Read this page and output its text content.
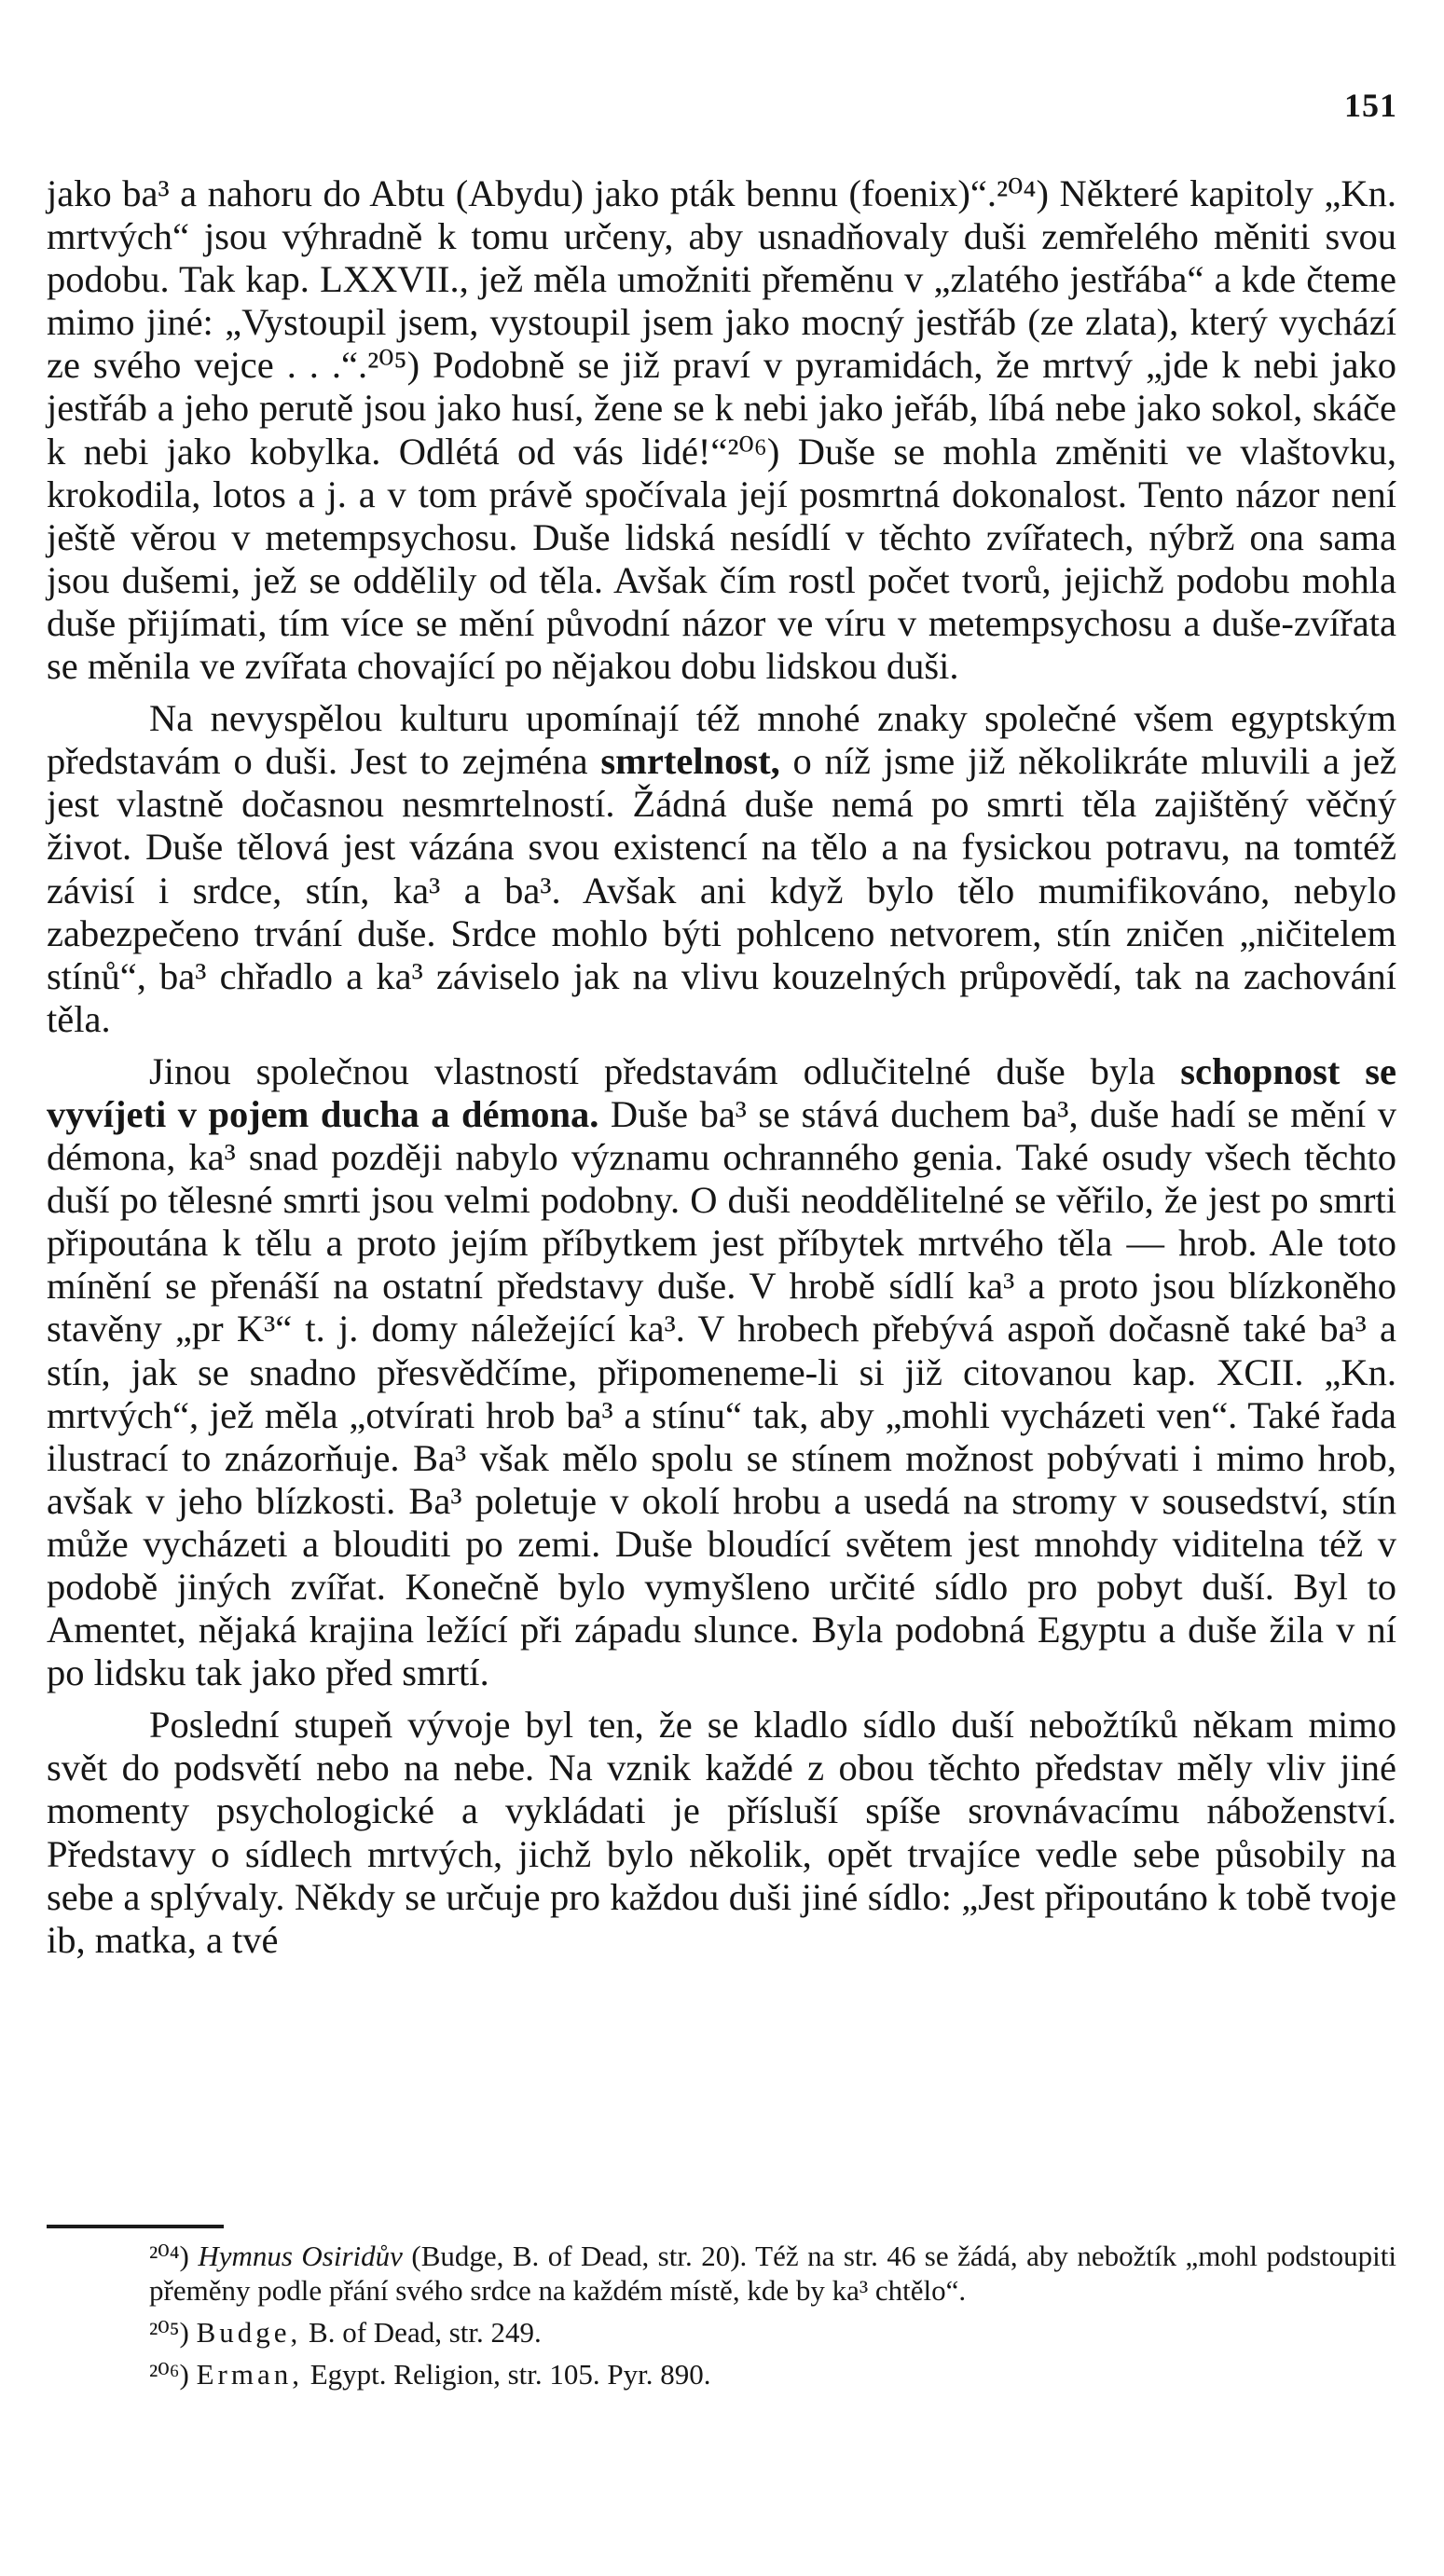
151

jako ba³ a nahoru do Abtu (Abydu) jako pták bennu (foenix)“.²⁰⁴) Některé kapitoly „Kn. mrtvých“ jsou výhradně k tomu určeny, aby usnadňovaly duši zemřelého měniti svou podobu. Tak kap. LXXVII., jež měla umožniti přeměnu v „zlatého jestřába“ a kde čteme mimo jiné: „Vystoupil jsem, vystoupil jsem jako mocný jestřáb (ze zlata), který vychází ze svého vejce . . .“.²⁰⁵) Podobně se již praví v pyramidách, že mrtvý „jde k nebi jako jestřáb a jeho perutě jsou jako husí, žene se k nebi jako jeřáb, líbá nebe jako sokol, skáče k nebi jako kobylka. Odlétá od vás lidé!“²⁰⁶) Duše se mohla změniti ve vlaštovku, krokodila, lotos a j. a v tom právě spočívala její posmrtná dokonalost. Tento názor není ještě věrou v metempsychosu. Duše lidská nesídlí v těchto zvířatech, nýbrž ona sama jsou dušemi, jež se oddělily od těla. Avšak čím rostl počet tvorů, jejichž podobu mohla duše přijímati, tím více se mění původní názor ve víru v metempsychosu a duše-zvířata se měnila ve zvířata chovající po nějakou dobu lidskou duši.

Na nevyspělou kulturu upomínají též mnohé znaky společné všem egyptským představám o duši. Jest to zejména smrtelnost, o níž jsme již několikráte mluvili a jež jest vlastně dočasnou nesmrtelností. Žádná duše nemá po smrti těla zajištěný věčný život. Duše tělová jest vázána svou existencí na tělo a na fysickou potravu, na tomtéž závisí i srdce, stín, ka³ a ba³. Avšak ani když bylo tělo mumifikováno, nebylo zabezpečeno trvání duše. Srdce mohlo býti pohlceno netvorem, stín zničen „ničitelem stínů“, ba³ chřadlo a ka³ záviselo jak na vlivu kouzelných průpovědí, tak na zachování těla.

Jinou společnou vlastností představám odlučitelné duše byla schopnost se vyvíjeti v pojem ducha a démona. Duše ba³ se stává duchem ba³, duše hadí se mění v démona, ka³ snad později nabylo významu ochranného genia. Také osudy všech těchto duší po tělesné smrti jsou velmi podobny. O duši neoddělitelné se věřilo, že jest po smrti připoutána k tělu a proto jejím příbytkem jest příbytek mrtvého těla — hrob. Ale toto mínění se přenáší na ostatní představy duše. V hrobě sídlí ka³ a proto jsou blízkoněho stavěny „pr K³“ t. j. domy náležející ka³. V hrobech přebývá aspoň dočasně také ba³ a stín, jak se snadno přesvědčíme, připomeneme-li si již citovanou kap. XCII. „Kn. mrtvých“, jež měla „otvírati hrob ba³ a stínu“ tak, aby „mohli vycházeti ven“. Také řada ilustrací to znázorňuje. Ba³ však mělo spolu se stínem možnost pobývati i mimo hrob, avšak v jeho blízkosti. Ba³ poletuje v okolí hrobu a usedá na stromy v sousedství, stín může vycházeti a blouditi po zemi. Duše bloudící světem jest mnohdy viditelna též v podobě jiných zvířat. Konečně bylo vymyšleno určité sídlo pro pobyt duší. Byl to Amentet, nějaká krajina ležící při západu slunce. Byla podobná Egyptu a duše žila v ní po lidsku tak jako před smrtí.

Poslední stupeň vývoje byl ten, že se kladlo sídlo duší nebožtíků někam mimo svět do podsvětí nebo na nebe. Na vznik každé z obou těchto představ měly vliv jiné momenty psychologické a vykládati je přísluší spíše srovnávacímu náboženství. Představy o sídlech mrtvých, jichž bylo několik, opět trvajíce vedle sebe působily na sebe a splývaly. Někdy se určuje pro každou duši jiné sídlo: „Jest připoutáno k tobě tvoje ib, matka, a tvé

²⁰⁴) Hymnus Osiridův (Budge, B. of Dead, str. 20). Též na str. 46 se žádá, aby nebožtík „mohl podstoupiti přeměny podle přání svého srdce na každém místě, kde by ka³ chtělo“.

²⁰⁵) Budge, B. of Dead, str. 249.

²⁰⁶) Erman, Egypt. Religion, str. 105. Pyr. 890.
